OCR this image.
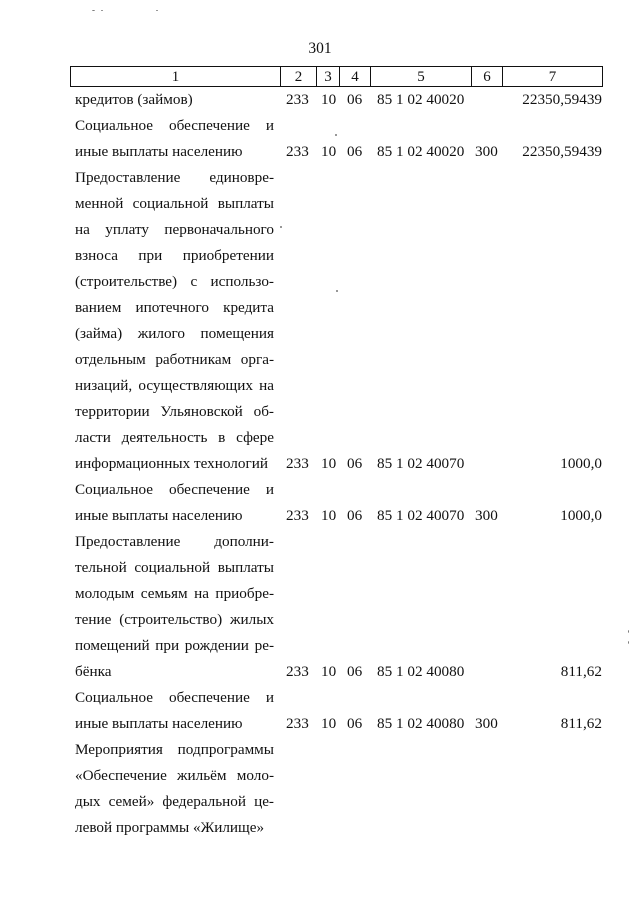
301
1	2	3	4	5	6	7
кредитов (займов)	233 10 06 85 1 02 40020	22350,59439
Социальное обеспечение и
иные выплаты населению	233 10 06 85 1 02 40020 300 22350,59439
Предоставление единовре-
менной социальной выплаты
на уплату первоначального
взноса при приобретении
(строительстве) с использо-
ванием ипотечного кредита
(займа) жилого помещения
отдельным работникам орга-
низаций, осуществляющих на
территории Ульяновской об-
ласти деятельность в сфере
информационных технологий	233 10 06 85 1 02 40070	1000,0
Социальное обеспечение и
иные выплаты населению	233 10 06 85 1 02 40070 300	1000,0
Предоставление дополни-
тельной социальной выплаты
молодым семьям на приобре-
тение (строительство) жилых
помещений при рождении ре-
бёнка	233 10 06 85 1 02 40080	811,62
Социальное обеспечение и
иные выплаты населению	233 10 06 85 1 02 40080 300	811,62
Мероприятия подпрограммы
«Обеспечение жильём моло-
дых семей» федеральной це-
левой программы «Жилище»
